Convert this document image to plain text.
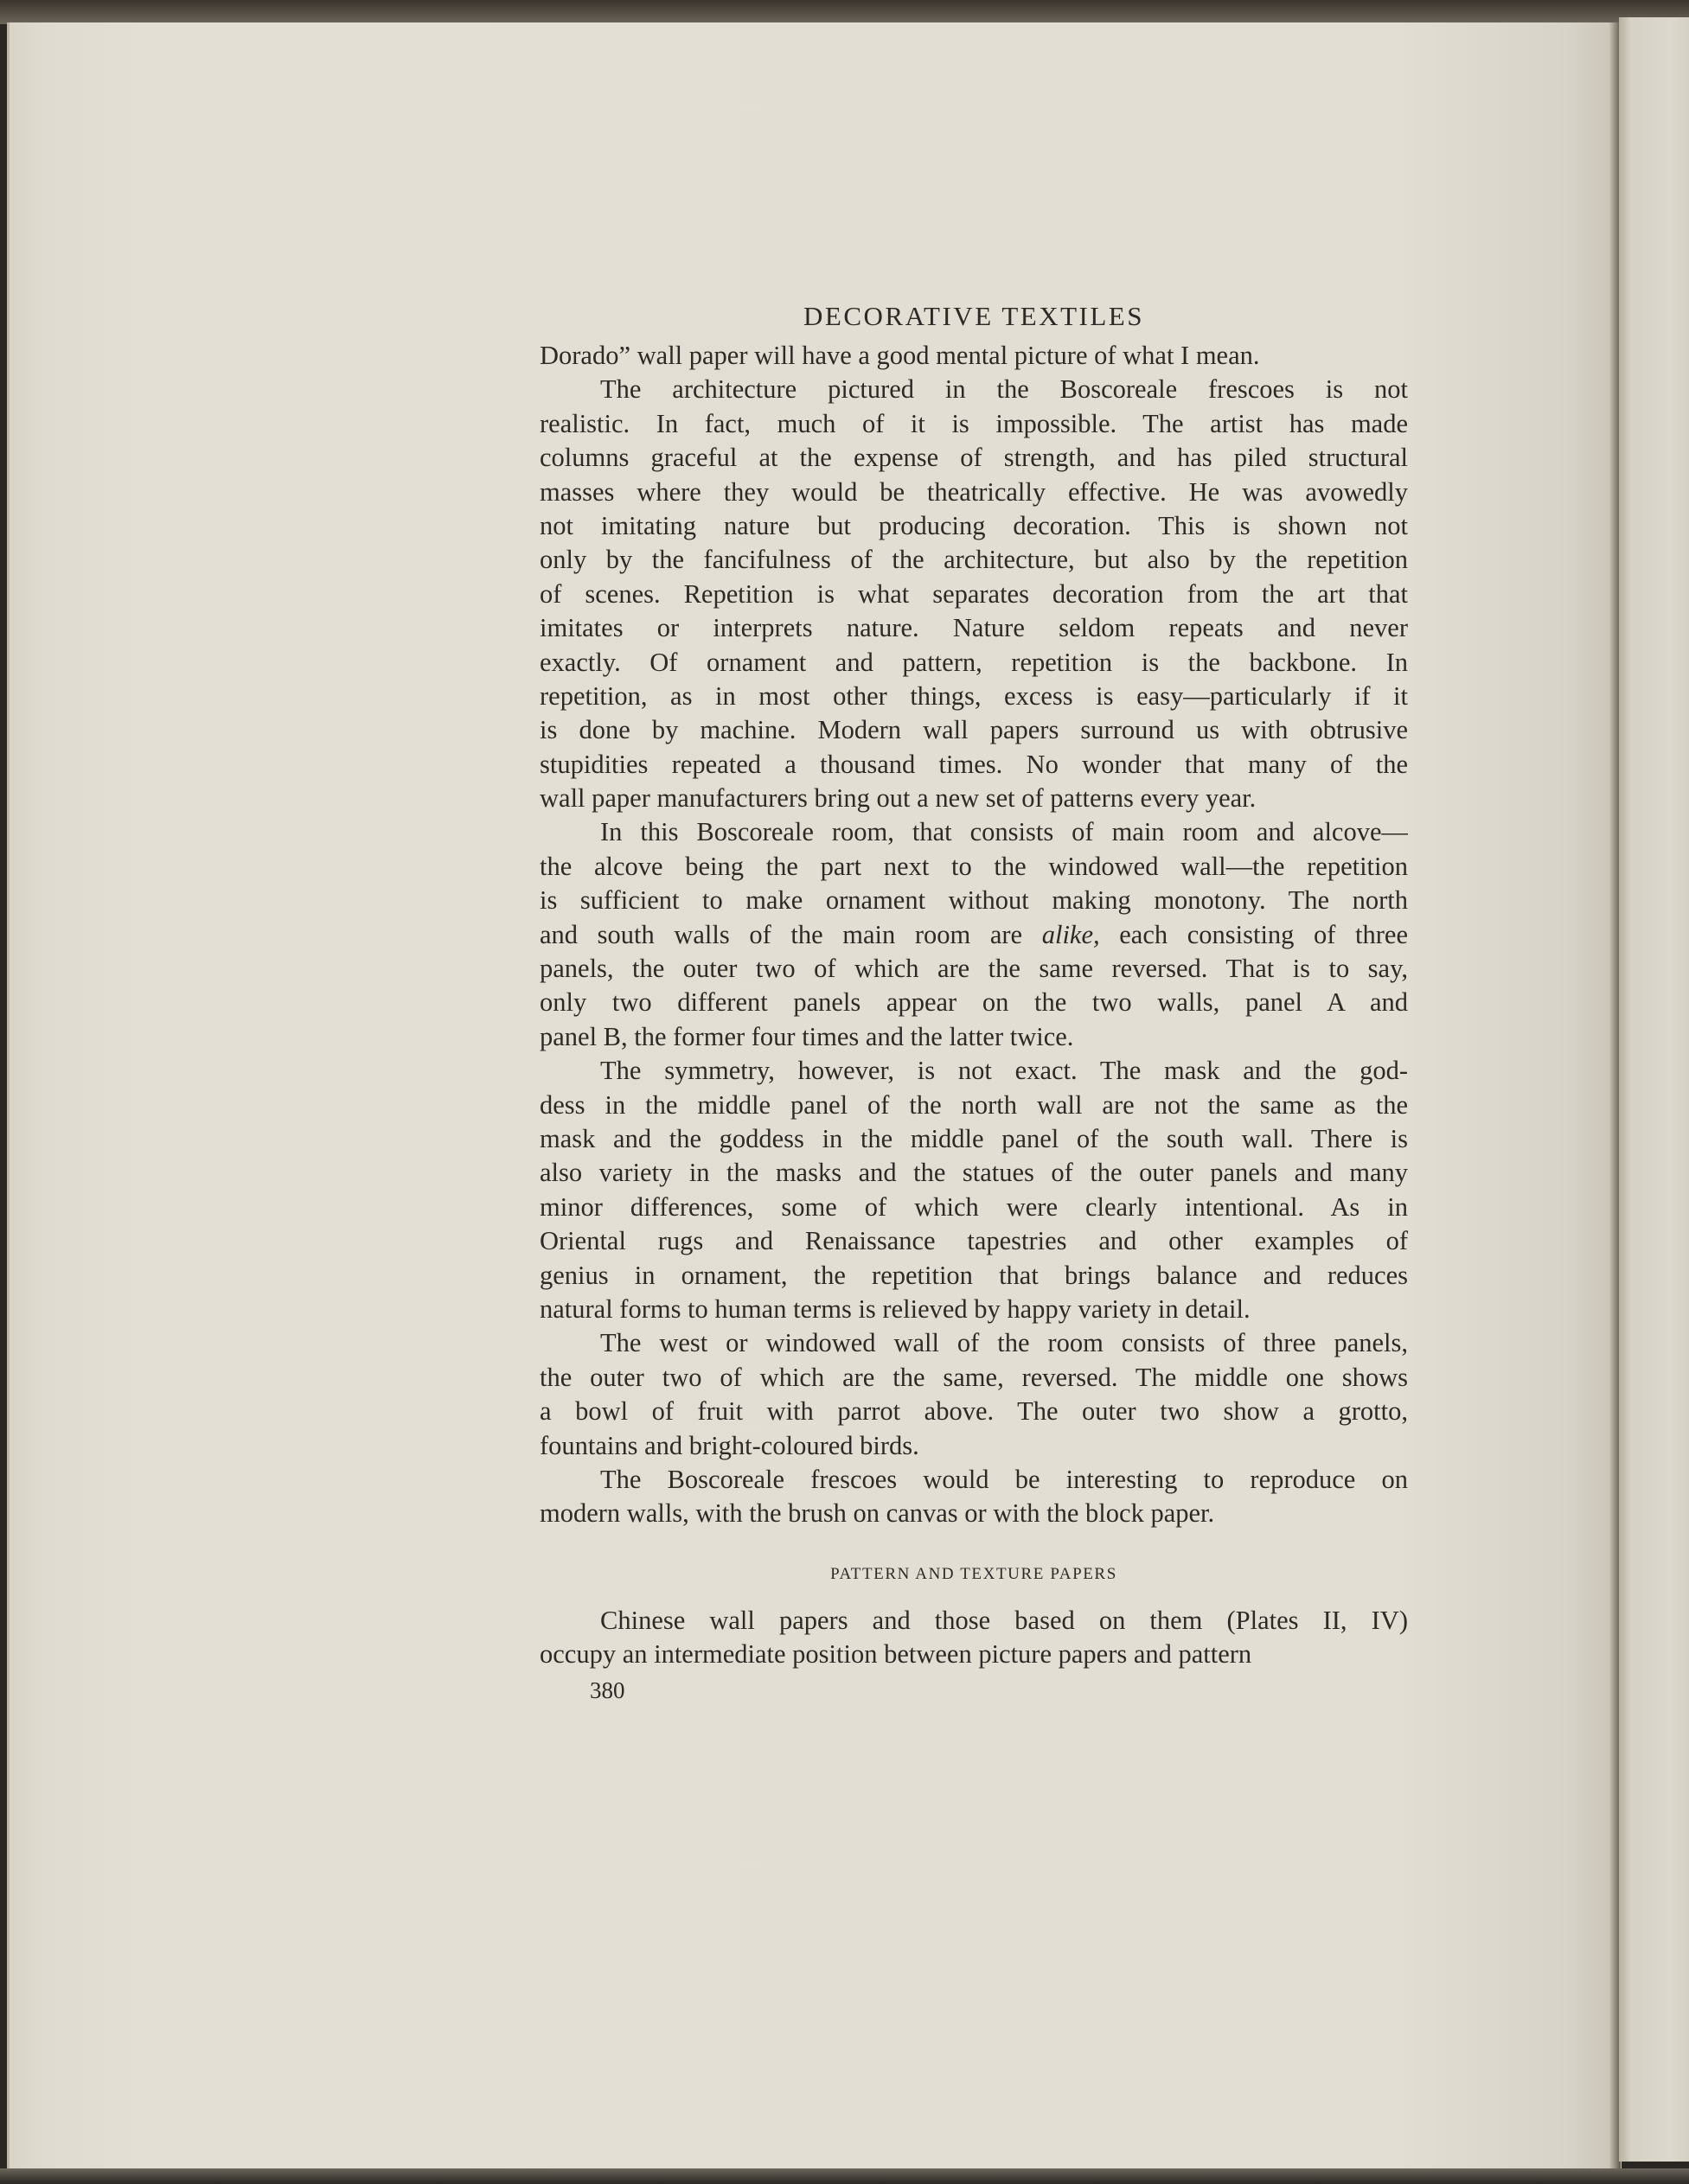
DECORATIVE TEXTILES
Dorado” wall paper will have a good mental picture of what I mean.
The architecture pictured in the Boscoreale frescoes is not
realistic. In fact, much of it is impossible. The artist has made
columns graceful at the expense of strength, and has piled structural
masses where they would be theatrically effective. He was avowedly
not imitating nature but producing decoration. This is shown not
only by the fancifulness of the architecture, but also by the repetition
of scenes. Repetition is what separates decoration from the art that
imitates or interprets nature. Nature seldom repeats and never
exactly. Of ornament and pattern, repetition is the backbone. In
repetition, as in most other things, excess is easy—particularly if it
is done by machine. Modern wall papers surround us with obtrusive
stupidities repeated a thousand times. No wonder that many of the
wall paper manufacturers bring out a new set of patterns every year.
In this Boscoreale room, that consists of main room and alcove—
the alcove being the part next to the windowed wall—the repetition
is sufficient to make ornament without making monotony. The north
and south walls of the main room are alike, each consisting of three
panels, the outer two of which are the same reversed. That is to say,
only two different panels appear on the two walls, panel A and
panel B, the former four times and the latter twice.
The symmetry, however, is not exact. The mask and the god-
dess in the middle panel of the north wall are not the same as the
mask and the goddess in the middle panel of the south wall. There is
also variety in the masks and the statues of the outer panels and many
minor differences, some of which were clearly intentional. As in
Oriental rugs and Renaissance tapestries and other examples of
genius in ornament, the repetition that brings balance and reduces
natural forms to human terms is relieved by happy variety in detail.
The west or windowed wall of the room consists of three panels,
the outer two of which are the same, reversed. The middle one shows
a bowl of fruit with parrot above. The outer two show a grotto,
fountains and bright-coloured birds.
The Boscoreale frescoes would be interesting to reproduce on
modern walls, with the brush on canvas or with the block paper.
PATTERN AND TEXTURE PAPERS
Chinese wall papers and those based on them (Plates II, IV)
occupy an intermediate position between picture papers and pattern
380
